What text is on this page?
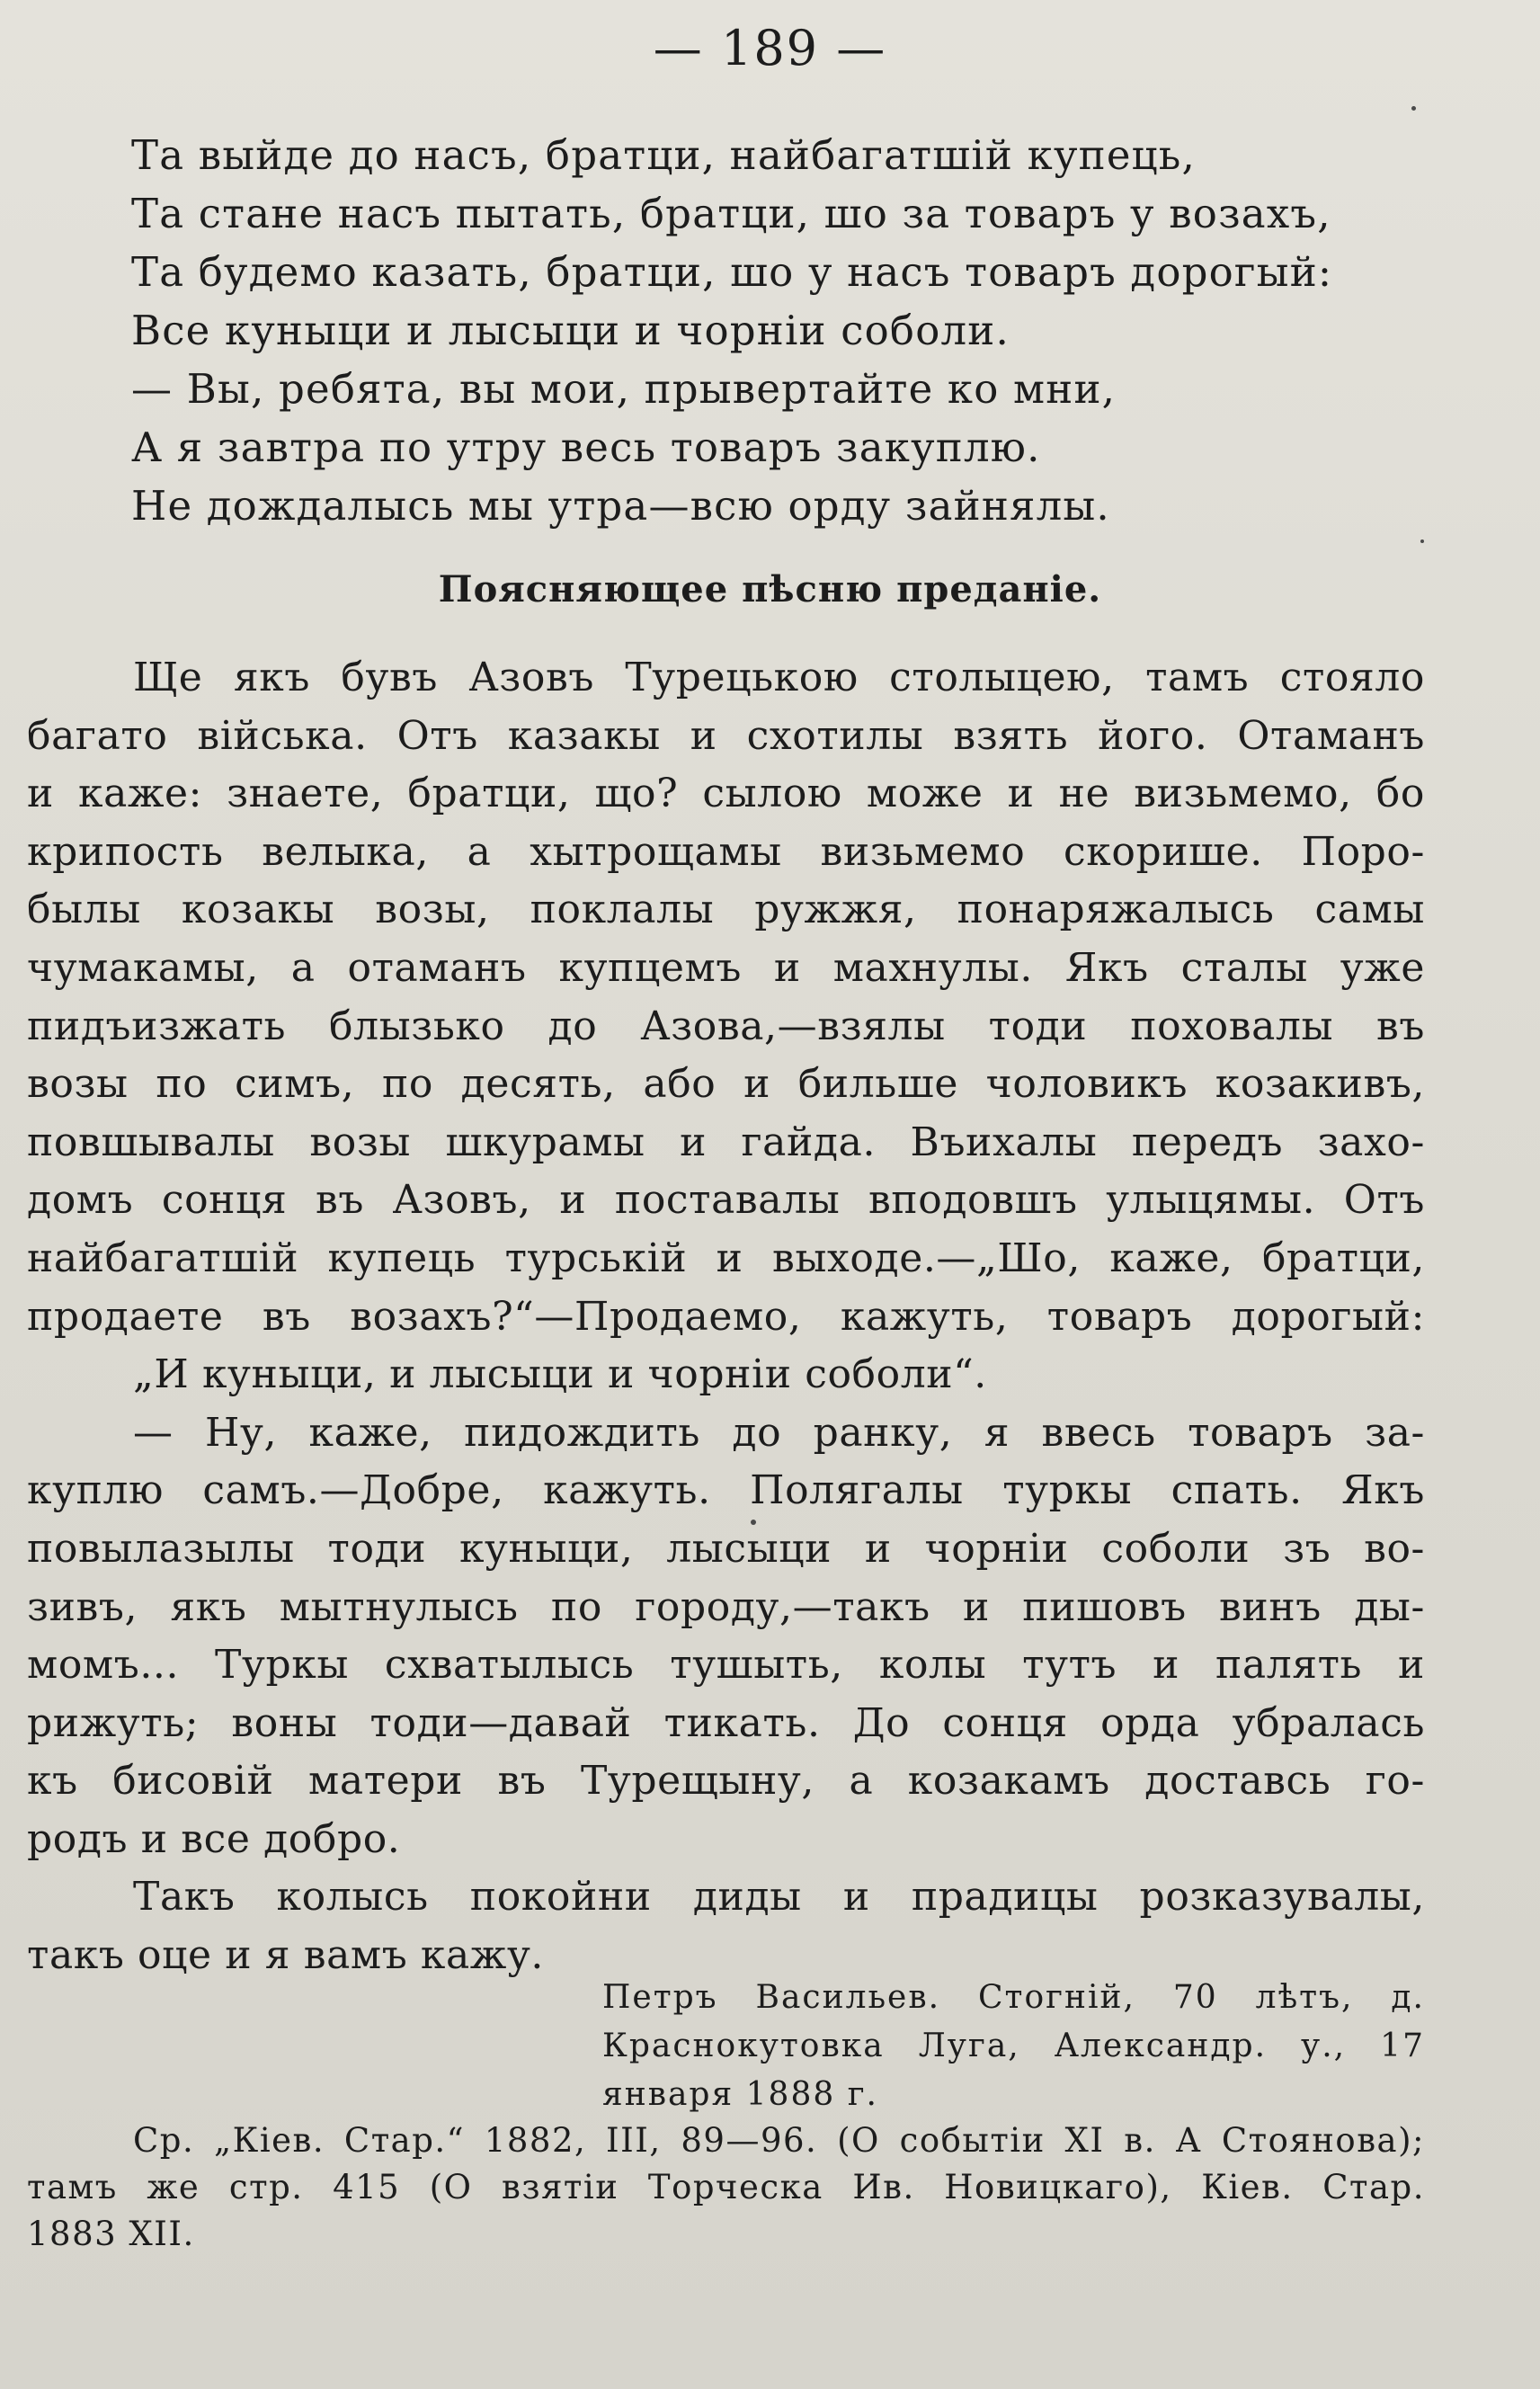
— 189 —
Та выйде до насъ, братци, найбагатшій купець,
Та стане насъ пытать, братци, шо за товаръ у возахъ,
Та будемо казать, братци, шо у насъ товаръ дорогый:
Все куныци и лысыци и чорніи соболи.
— Вы, ребята, вы мои, прывертайте ко мни,
А я завтра по утру весь товаръ закуплю.
Не дождалысь мы утра—всю орду зайнялы.
Поясняющее пѣсню преданіе.
Ще якъ бувъ Азовъ Турецькою столыцею, тамъ стояло
багато війська. Отъ казакы и схотилы взять його. Отаманъ
и каже: знаете, братци, що? сылою може и не визьмемо, бо
крипость велыка, а хытрощамы визьмемо скорише. Поро-
былы козакы возы, поклалы ружжя, понаряжалысь самы
чумакамы, а отаманъ купцемъ и махнулы. Якъ сталы уже
пидъизжать блызько до Азова,—взялы тоди поховалы въ
возы по симъ, по десять, або и бильше чоловикъ козакивъ,
повшывалы возы шкурамы и гайда. Въихалы передъ захо-
домъ сонця въ Азовъ, и поставалы вподовшъ улыцямы. Отъ
найбагатшій купець турській и выходе.—„Шо, каже, братци,
продаете въ возахъ?“—Продаемо, кажуть, товаръ дорогый:
„И куныци, и лысыци и чорніи соболи“.
— Ну, каже, пидождить до ранку, я ввесь товаръ за-
куплю самъ.—Добре, кажуть. Полягалы туркы спать. Якъ
повылазылы тоди куныци, лысыци и чорніи соболи зъ во-
зивъ, якъ мытнулысь по городу,—такъ и пишовъ винъ ды-
момъ... Туркы схватылысь тушыть, колы тутъ и палять и
рижуть; воны тоди—давай тикать. До сонця орда убралась
къ бисовій матери въ Турещыну, а козакамъ доставсь го-
родъ и все добро.
Такъ колысь покойни диды и прадицы розказувалы,
такъ оце и я вамъ кажу.
Петръ Васильев. Стогній, 70 лѣтъ, д.
Краснокутовка Луга, Александр. у., 17
января 1888 г.
Ср. „Кіев. Стар.“ 1882, III, 89—96. (О событіи XI в. А Стоянова);
тамъ же стр. 415 (О взятіи Торческа Ив. Новицкаго), Кіев. Стар.
1883 XII.
